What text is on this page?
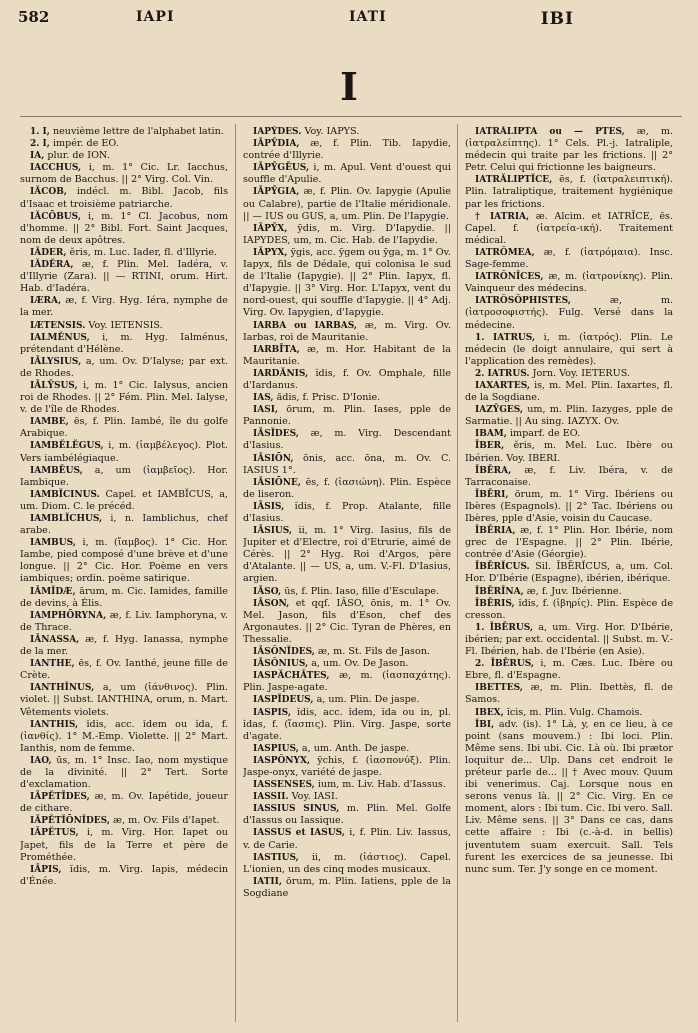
582	IAPI	IATI	IBI
I

1. I, neuvième lettre de l'alphabet latin.

2. I, impér. de EO.

IA, plur. de ION.

IACCHUS, i, m. 1° Cic. Lr. Iacchus, surnom de Bacchus. || 2° Virg. Col. Vin.

IĂCOB, indécl. m. Bibl. Jacob, fils d'Isaac et troisième patriarche.

IĂCŌBUS, i, m. 1° Cl. Jacobus, nom d'homme. || 2° Bibl. Fort. Saint Jacques, nom de deux apôtres.

IĂDER, ĕris, m. Luc. Iader, fl. d'Illyrie.

IĂDĔRA, æ, f. Plin. Mel. Iadéra, v. d'Illyrie (Zara). || — RTINI, orum. Hirt. Hab. d'Iadéra.

IÆRA, æ, f. Virg. Hyg. Iéra, nymphe de la mer.

IÆTENSIS. Voy. IETENSIS.

IALMĔNUS, i, m. Hyg. Ialménus, prétendant d'Hélène.

IĀLYSIUS, a, um. Ov. D'Ialyse; par ext. de Rhodes.

IĀLȲSUS, i, m. 1° Cic. Ialysus, ancien roi de Rhodes. || 2° Fém. Plin. Mel. Ialyse, v. de l'île de Rhodes.

IAMBE, ēs, f. Plin. Iambé, île du golfe Arabique.

IAMBĔLĔGUS, i, m. (ἰαμβέλεγος). Plot. Vers iambélégiaque.

IAMBĒUS, a, um (ἰαμβεῖος). Hor. Iambique.

IAMBĬCINUS. Capel. et IAMBĬCUS, a, um. Diom. C. le précéd.

IAMBLĬCHUS, i, n. Iamblichus, chef arabe.

IAMBUS, i, m. (ἴαμβος). 1° Cic. Hor. Iambe, pied composé d'une brève et d'une longue. || 2° Cic. Hor. Poème en vers iambiques; ordin. poème satirique.

IĀMĬDÆ, ārum, m. Cic. Iamides, famille de devins, à Élis.

IAMPHŌRYNA, æ, f. Liv. Iamphoryna, v. de Thrace.

IĀNASSA, æ, f. Hyg. Ianassa, nymphe de la mer.

IANTHE, ēs, f. Ov. Ianthé, jeune fille de Crète.

IANTHĬNUS, a, um (ἰάνθινος). Plin. violet. || Subst. IANTHINA, orum, n. Mart. Vêtements violets.

IANTHIS, ĭdis, acc. ĭdem ou ĭda, f. (ἰανθίς). 1° M.-Emp. Violette. || 2° Mart. Ianthis, nom de femme.

IAO, ūs, m. 1° Insc. Iao, nom mystique de la divinité. || 2° Tert. Sorte d'exclamation.

IĀPĔTĪDES, æ, m. Ov. Iapétide, joueur de cithare.

IĀPĔTĬŌNĬDES, æ, m. Ov. Fils d'Iapet.

IĀPĔTUS, i, m. Virg. Hor. Iapet ou Japet, fils de la Terre et père de Prométhée.

IĀPIS, ĭdis, m. Virg. Iapis, médecin d'Énée.

IAPȲDES. Voy. IAPYS.

IĀPȲDIA, æ, f. Plin. Tib. Iapydie, contrée d'Illyrie.

IĀPȲGĒUS, i, m. Apul. Vent d'ouest qui souffle d'Apulie.

IĀPȲGIA, æ, f. Plin. Ov. Iapygie (Apulie ou Calabre), partie de l'Italie méridionale. || — IUS ou GUS, a, um. Plin. De l'Iapygie.

IĀPȲX, ȳdis, m. Virg. D'Iapydie. || IAPYDES, um, m. Cic. Hab. de l'Iapydie.

IĀPYX, ȳgis, acc. ȳgem ou ȳga, m. 1° Ov. Iapyx, fils de Dédale, qui colonisa le sud de l'Italie (Iapygie). || 2° Plin. Iapyx, fl. d'Iapygie. || 3° Virg. Hor. L'Iapyx, vent du nord-ouest, qui souffle d'Iapygie. || 4° Adj. Virg. Ov. Iapygien, d'Iapygie.

IARBA ou IARBAS, æ, m. Virg. Ov. Iarbas, roi de Mauritanie.

IARBĪTA, æ, m. Hor. Habitant de la Mauritanie.

IARDĂNIS, ĭdis, f. Ov. Omphale, fille d'Iardanus.

IAS, ădis, f. Prisc. D'Ionie.

IASI, ōrum, m. Plin. Iases, pple de Pannonie.

IĀSĬDES, æ, m. Virg. Descendant d'Iasius.

IĀSIŌN, ōnis, acc. ōna, m. Ov. C. IASIUS 1°.

IĀSIŌNE, ēs, f. (ἰασιώνη). Plin. Espèce de liseron.

IĀSIS, ĭdis, f. Prop. Atalante, fille d'Iasius.

IĀSIUS, ii, m. 1° Virg. Iasius, fils de Jupiter et d'Electre, roi d'Etrurie, aimé de Cérès. || 2° Hyg. Roi d'Argos, père d'Atalante. || — US, a, um. V.-Fl. D'Iasius, argien.

IĀSO, ūs, f. Plin. Iaso, fille d'Esculape.

IĀSON, et qqf. IĀSO, ōnis, m. 1° Ov. Mel. Jason, fils d'Eson, chef des Argonautes. || 2° Cic. Tyran de Phères, en Thessalie.

IĀSŎNĬDES, æ, m. St. Fils de Jason.

IĀSŎNIUS, a, um. Ov. De Jason.

IASPĂCHĀTES, æ, m. (ἰασπαχάτης). Plin. Jaspe-agate.

IASPĬDEUS, a, um. Plin. De jaspe.

IASPIS, ĭdis, acc. ĭdem, ĭda ou in, pl. ĭdas, f. (ἴασπις). Plin. Virg. Jaspe, sorte d'agate.

IASPIUS, a, um. Anth. De jaspe.

IASPŎNYX, ȳchis, f. (ἰασπονύξ). Plin. Jaspe-onyx, variété de jaspe.

IASSENSES, ium, m. Liv. Hab. d'Iassus.

IASSII. Voy. IASI.

IASSIUS SINUS, m. Plin. Mel. Golfe d'Iassus ou Iassique.

IASSUS et IASUS, i, f. Plin. Liv. Iassus, v. de Carie.

IASTIUS, ii, m. (ἰάστιος). Capel. L'ionien, un des cinq modes musicaux.

IATII, ōrum, m. Plin. Iatiens, pple de la Sogdiane

IATRĀLIPTA ou — PTES, æ, m. (ἰατραλείπτης). 1° Cels. Pl.-j. Iatraliple, médecin qui traite par les frictions. || 2° Petr. Celui qui frictionne les baigneurs.

IATRĂLIPTĬCE, ēs, f. (ἰατραλειπτική). Plin. Iatraliptique, traitement hygiénique par les frictions.

† IATRIA, æ. Alcim. et IATRĪCE, ēs. Capel. f. (ἰατρεία-ική). Traitement médical.

IATRŎMEA, æ, f. (ἰατρόμαια). Insc. Sage-femme.

IATRŎNĪCES, æ, m. (ἰατρονίκης). Plin. Vainqueur des médecins.

IATRŎSŎPHISTES,	æ, m. (ἰατροσοφιστής). Fulg. Versé dans la médecine.

1. IATRUS, i, m. (ἰατρός). Plin. Le médecin (le doigt annulaire, qui sert à l'application des remèdes).

2. IATRUS. Jorn. Voy. IETERUS.

IAXARTES, is, m. Mel. Plin. Iaxartes, fl. de la Sogdiane.

IAZȲGES, um, m. Plin. Iazyges, pple de Sarmatie. || Au sing. IAZYX. Ov.

IBAM, imparf. de EO.

ĪBER, ĕris, m. Mel. Luc. Ibère ou Ibérien. Voy. IBERI.

ĪBĒRA, æ, f. Liv. Ibéra, v. de Tarraconaise.

ĪBĒRI, ōrum, m. 1° Virg. Ibériens ou Ibères (Espagnols). || 2° Tac. Ibériens ou Ibères, pple d'Asie, voisin du Caucase.

ĪBĒRIA, æ, f. 1° Plin. Hor. Ibérie, nom grec de l'Espagne. || 2° Plin. Ibérie, contrée d'Asie (Géorgie).

ĪBĒRĬCUS. Sil. ĪBĒRĬCUS, a, um. Col. Hor. D'Ibérie (Espagne), ibérien, ibérique.

ĪBĒRĪNA, æ, f. Juv. Ibérienne.

ĪBĒRIS, ĭdis, f. (ἰβηρίς). Plin. Espèce de cresson.

1. ĪBĒRUS, a, um. Virg. Hor. D'Ibérie, ibérien; par ext. occidental. || Subst. m. V.-Fl. Ibérien, hab. de l'Ibérie (en Asie).

2. ĪBĒRUS, i, m. Cæs. Luc. Ibère ou Ebre, fl. d'Espagne.

IBETTES, æ, m. Plin. Ibettès, fl. de Samos.

IBEX, ĭcis, m. Plin. Vulg. Chamois.

ĬBI, adv. (is). 1° Là, y, en ce lieu, à ce point (sans mouvem.) : Ibi loci. Plin. Même sens. Ibi ubi. Cic. Là où. Ibi prætor loquitur de... Ulp. Dans cet endroit le préteur parle de... || † Avec mouv. Quum ibi venerimus. Caj. Lorsque nous en serons venus là. || 2° Cic. Virg. En ce moment, alors : Ibi tum. Cic. Ibi vero. Sall. Liv. Même sens. || 3° Dans ce cas, dans cette affaire : Ibi (c.-à-d. in bellis) juventutem suam exercuit. Sall. Tels furent les exercices de sa jeunesse. Ibi nunc sum. Ter. J'y songe en ce moment.
